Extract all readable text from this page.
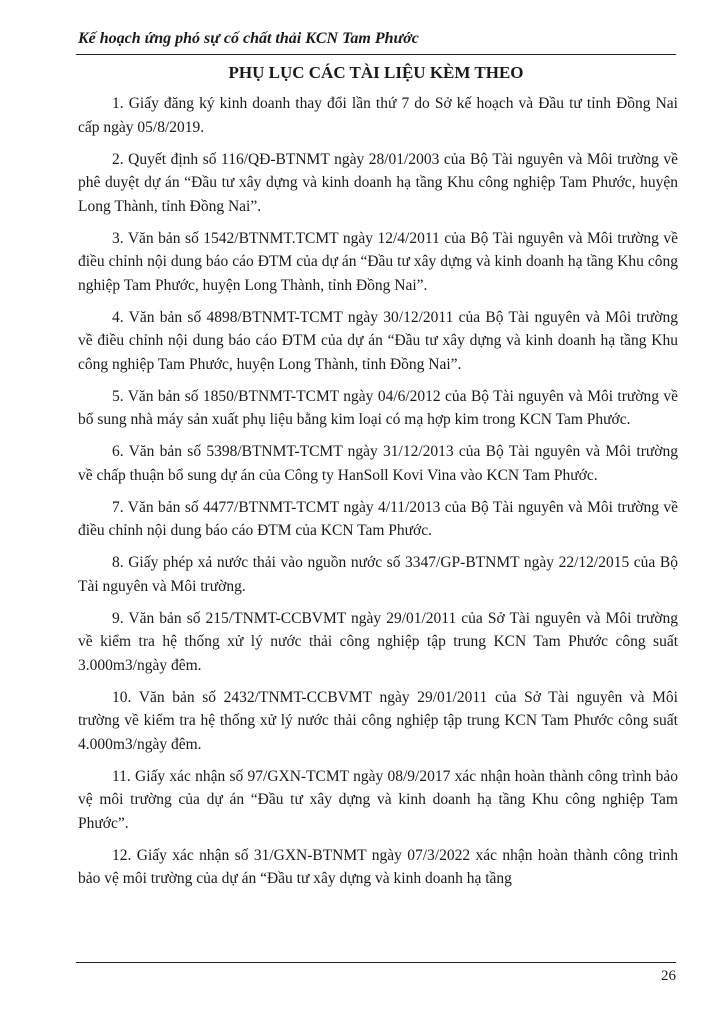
Kế hoạch ứng phó sự cố chất thải KCN Tam Phước
PHỤ LỤC CÁC TÀI LIỆU KÈM THEO

1. Giấy đăng ký kinh doanh thay đổi lần thứ 7 do Sở kế hoạch và Đầu tư tỉnh Đồng Nai cấp ngày 05/8/2019.

2. Quyết định số 116/QĐ-BTNMT ngày 28/01/2003 của Bộ Tài nguyên và Môi trường về phê duyệt dự án “Đầu tư xây dựng và kinh doanh hạ tầng Khu công nghiệp Tam Phước, huyện Long Thành, tỉnh Đồng Nai”.

3. Văn bản số 1542/BTNMT.TCMT ngày 12/4/2011 của Bộ Tài nguyên và Môi trường về điều chỉnh nội dung báo cáo ĐTM của dự án “Đầu tư xây dựng và kinh doanh hạ tầng Khu công nghiệp Tam Phước, huyện Long Thành, tỉnh Đồng Nai”.

4. Văn bản số 4898/BTNMT-TCMT ngày 30/12/2011 của Bộ Tài nguyên và Môi trường về điều chỉnh nội dung báo cáo ĐTM của dự án “Đầu tư xây dựng và kinh doanh hạ tầng Khu công nghiệp Tam Phước, huyện Long Thành, tỉnh Đồng Nai”.

5. Văn bản số 1850/BTNMT-TCMT ngày 04/6/2012 của Bộ Tài nguyên và Môi trường về bổ sung nhà máy sản xuất phụ liệu bằng kim loại có mạ hợp kim trong KCN Tam Phước.

6. Văn bản số 5398/BTNMT-TCMT ngày 31/12/2013 của Bộ Tài nguyên và Môi trường về chấp thuận bổ sung dự án của Công ty HanSoll Kovi Vina vào KCN Tam Phước.

7. Văn bản số 4477/BTNMT-TCMT ngày 4/11/2013 của Bộ Tài nguyên và Môi trường về điều chỉnh nội dung báo cáo ĐTM của KCN Tam Phước.

8. Giấy phép xả nước thải vào nguồn nước số 3347/GP-BTNMT ngày 22/12/2015 của Bộ Tài nguyên và Môi trường.

9. Văn bản số 215/TNMT-CCBVMT ngày 29/01/2011 của Sở Tài nguyên và Môi trường về kiểm tra hệ thống xử lý nước thải công nghiệp tập trung KCN Tam Phước công suất 3.000m3/ngày đêm.

10. Văn bản số 2432/TNMT-CCBVMT ngày 29/01/2011 của Sở Tài nguyên và Môi trường về kiểm tra hệ thống xử lý nước thải công nghiệp tập trung KCN Tam Phước công suất 4.000m3/ngày đêm.

11. Giấy xác nhận số 97/GXN-TCMT ngày 08/9/2017 xác nhận hoàn thành công trình bảo vệ môi trường của dự án “Đầu tư xây dựng và kinh doanh hạ tầng Khu công nghiệp Tam Phước”.

12. Giấy xác nhận số 31/GXN-BTNMT ngày 07/3/2022 xác nhận hoàn thành công trình bảo vệ môi trường của dự án “Đầu tư xây dựng và kinh doanh hạ tầng

26
